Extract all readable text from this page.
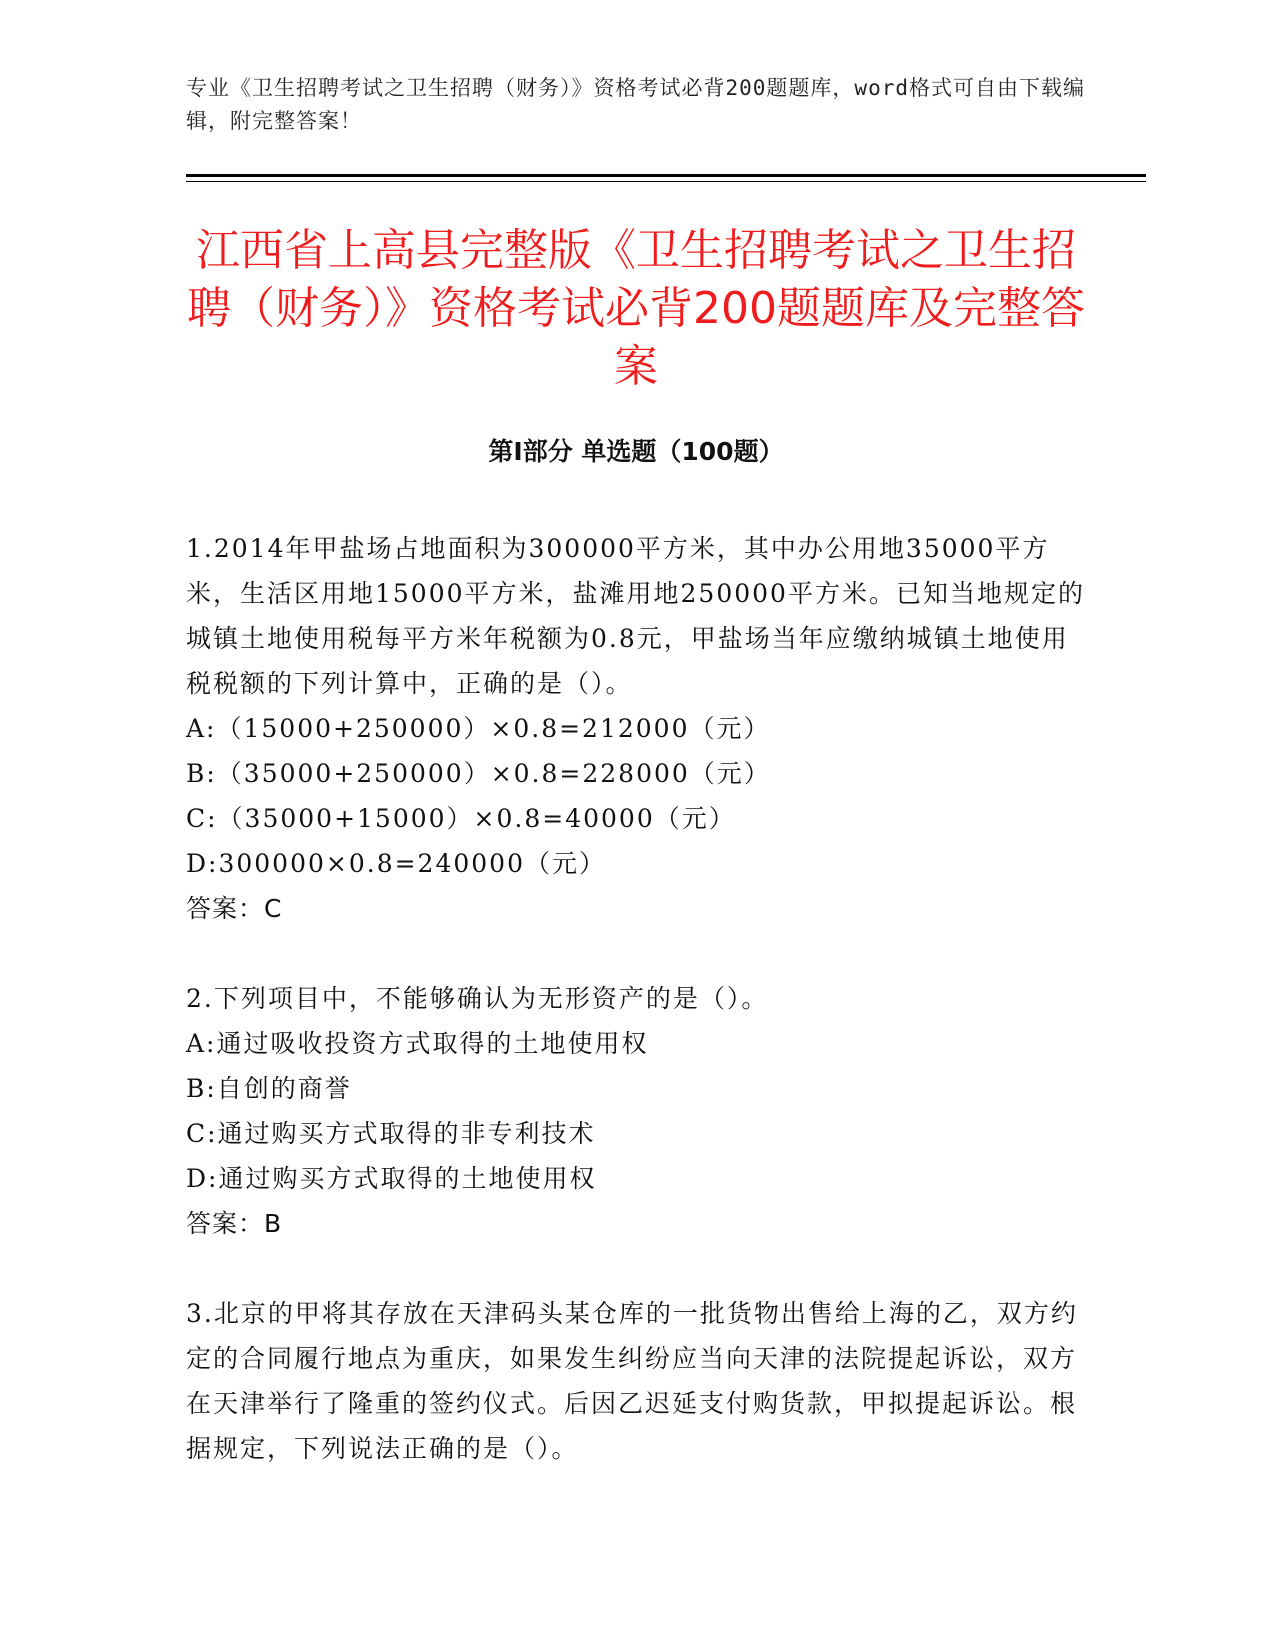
专业《卫生招聘考试之卫生招聘（财务）》资格考试必背200题题库，word格式可自由下载编辑，附完整答案！
江西省上高县完整版《卫生招聘考试之卫生招聘（财务）》资格考试必背200题题库及完整答案
第I部分 单选题（100题）

1.2014年甲盐场占地面积为300000平方米，其中办公用地35000平方米，生活区用地15000平方米，盐滩用地250000平方米。已知当地规定的城镇土地使用税每平方米年税额为0.8元，甲盐场当年应缴纳城镇土地使用税税额的下列计算中，正确的是（）。

A:（15000+250000）×0.8=212000（元）

B:（35000+250000）×0.8=228000（元）

C:（35000+15000）×0.8=40000（元）

D:300000×0.8=240000（元）

答案：C

2.下列项目中，不能够确认为无形资产的是（）。

A:通过吸收投资方式取得的土地使用权

B:自创的商誉

C:通过购买方式取得的非专利技术

D:通过购买方式取得的土地使用权

答案：B

3.北京的甲将其存放在天津码头某仓库的一批货物出售给上海的乙，双方约定的合同履行地点为重庆，如果发生纠纷应当向天津的法院提起诉讼，双方在天津举行了隆重的签约仪式。后因乙迟延支付购货款，甲拟提起诉讼。根据规定，下列说法正确的是（）。
